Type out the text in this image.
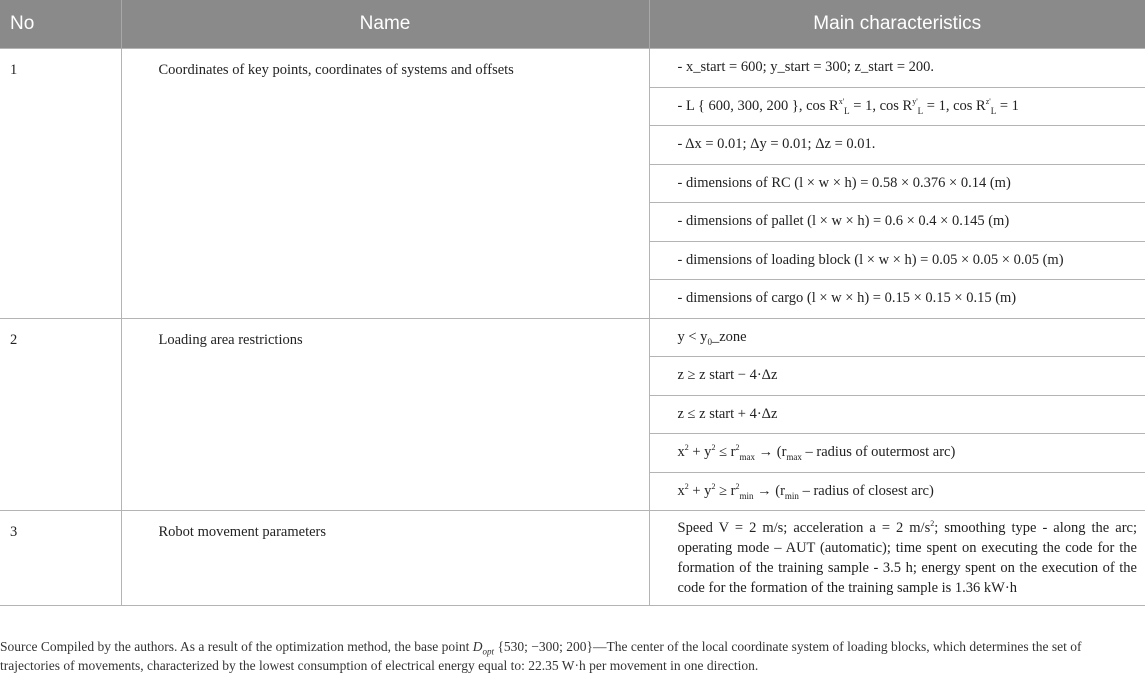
No	Name	Main characteristics
1	Coordinates of key points, coordinates of systems and offsets	- x_start = 600; y_start = 300; z_start = 200.
		- L { 600, 300, 200 }, $\cos R^{x'}_L = 1$, $\cos R^{y'}_L = 1$, $\cos R^{z'}_L = 1$
		- Δx = 0.01; Δy = 0.01; Δz = 0.01.
		- dimensions of RC (l × w × h) = 0.58 × 0.376 × 0.14 (m)
		- dimensions of pallet (l × w × h) = 0.6 × 0.4 × 0.145 (m)
		- dimensions of loading block (l × w × h) = 0.05 × 0.05 × 0.05 (m)
		- dimensions of cargo (l × w × h) = 0.15 × 0.15 × 0.15 (m)
2	Loading area restrictions	$y < y_0\_zone$
		z ≥ z start − 4·Δz
		z ≤ z start + 4·Δz
		$x^2 + y^2 \le r^2_{max} \to (r_{max}$ – radius of outermost arc)
		$x^2 + y^2 \ge r^2_{min} \to (r_{min}$ – radius of closest arc)
3	Robot movement parameters	Speed V = 2 m/s; acceleration a = 2 $m/s^2$; smoothing type - along the arc; operating mode – AUT (automatic); time spent on executing the code for the formation of the training sample - 3.5 h; energy spent on the execution of the code for the formation of the training sample is 1.36 kW·h
Source Compiled by the authors. As a result of the optimization method, the base point $D_{opt}$ {530; −300; 200}—The center of the local coordinate system of loading blocks, which determines the set of trajectories of movements, characterized by the lowest consumption of electrical energy equal to: 22.35 W·h per movement in one direction.
